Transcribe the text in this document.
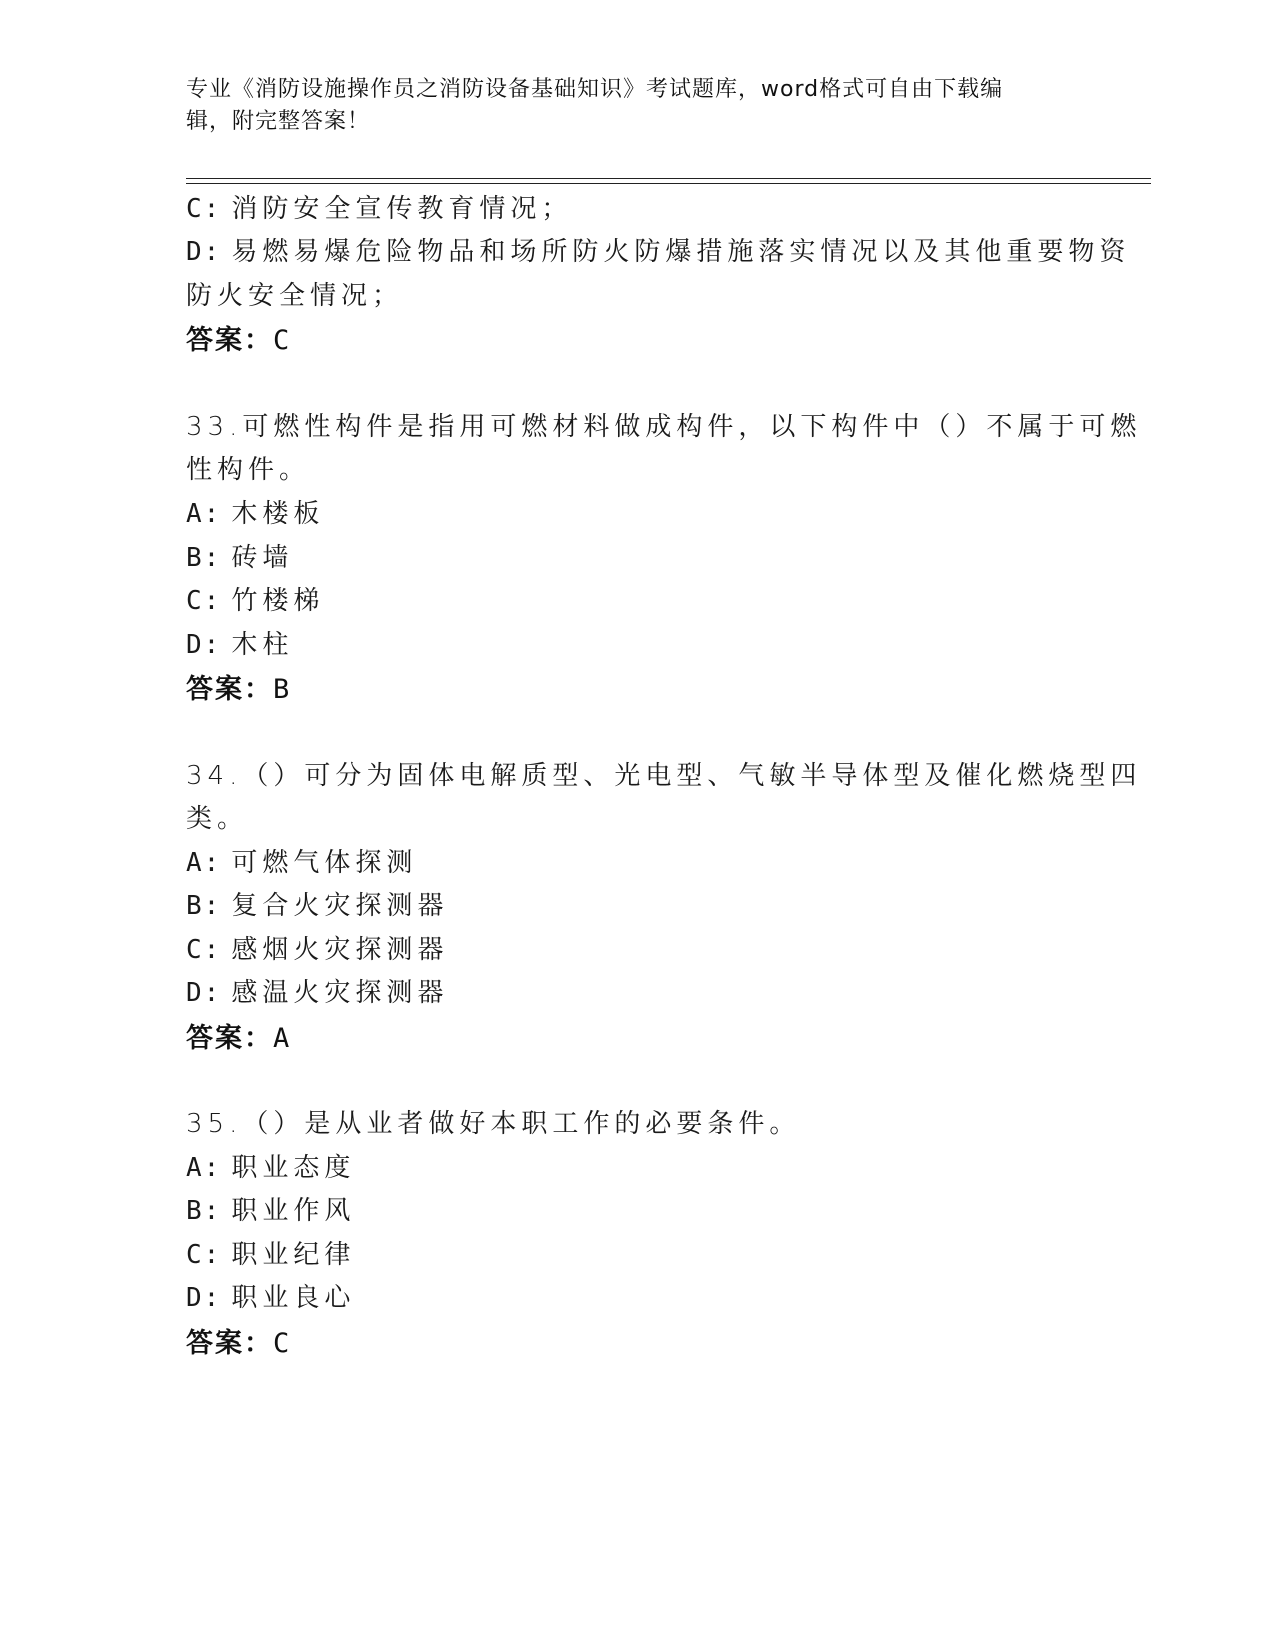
专业《消防设施操作员之消防设备基础知识》考试题库，word格式可自由下载编
辑，附完整答案！
C: 消防安全宣传教育情况；
D: 易燃易爆危险物品和场所防火防爆措施落实情况以及其他重要物资
防火安全情况；
答案：C
33.可燃性构件是指用可燃材料做成构件，以下构件中（）不属于可燃
性构件。
A: 木楼板
B: 砖墙
C: 竹楼梯
D: 木柱
答案：B
34.（）可分为固体电解质型、光电型、气敏半导体型及催化燃烧型四
类。
A: 可燃气体探测
B: 复合火灾探测器
C: 感烟火灾探测器
D: 感温火灾探测器
答案：A
35.（）是从业者做好本职工作的必要条件。
A: 职业态度
B: 职业作风
C: 职业纪律
D: 职业良心
答案：C
